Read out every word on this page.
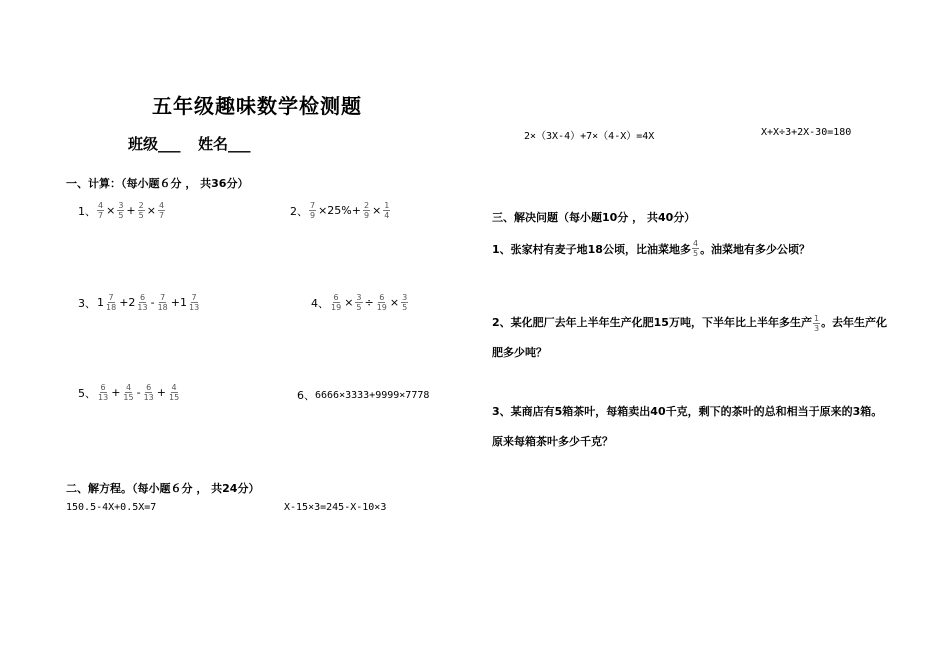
五年级趣味数学检测题
班级___ 姓名___
一、计算：（每小题６分 ， 共36分）
1、 $\frac{4}{7} \times \frac{3}{5} + \frac{2}{5} \times \frac{4}{7}$	2、 $\frac{7}{9} \times 25\%+ \frac{2}{9} \times \frac{1}{4}$
3、 $1 \frac{7}{18} +2 \frac{6}{13} - \frac{7}{18} +1 \frac{7}{13}$	4、 $\frac{6}{19} \times \frac{3}{5} \div \frac{6}{19} \times \frac{3}{5}$
5、 $\frac{6}{13} + \frac{4}{15} - \frac{6}{13} + \frac{4}{15}$	6、 6666×3333+9999×7778
二、解方程。（每小题６分 ， 共24分）
150.5-4X+0.5X=7	X-15×3=245-X-10×3
2×（3X-4）+7×（4-X）=4X	X+X÷3+2X-30=180
三、解决问题（每小题10分 ， 共40分）
1、张家村有麦子地18公顷，比油菜地多 $\frac{4}{5}$ 。油菜地有多少公顷？
2、某化肥厂去年上半年生产化肥15万吨，下半年比上半年多生产 $\frac{1}{3}$ 。去年生产化肥多少吨？
3、某商店有5箱茶叶，每箱卖出40千克，剩下的茶叶的总和相当于原来的3箱。原来每箱茶叶多少千克？
